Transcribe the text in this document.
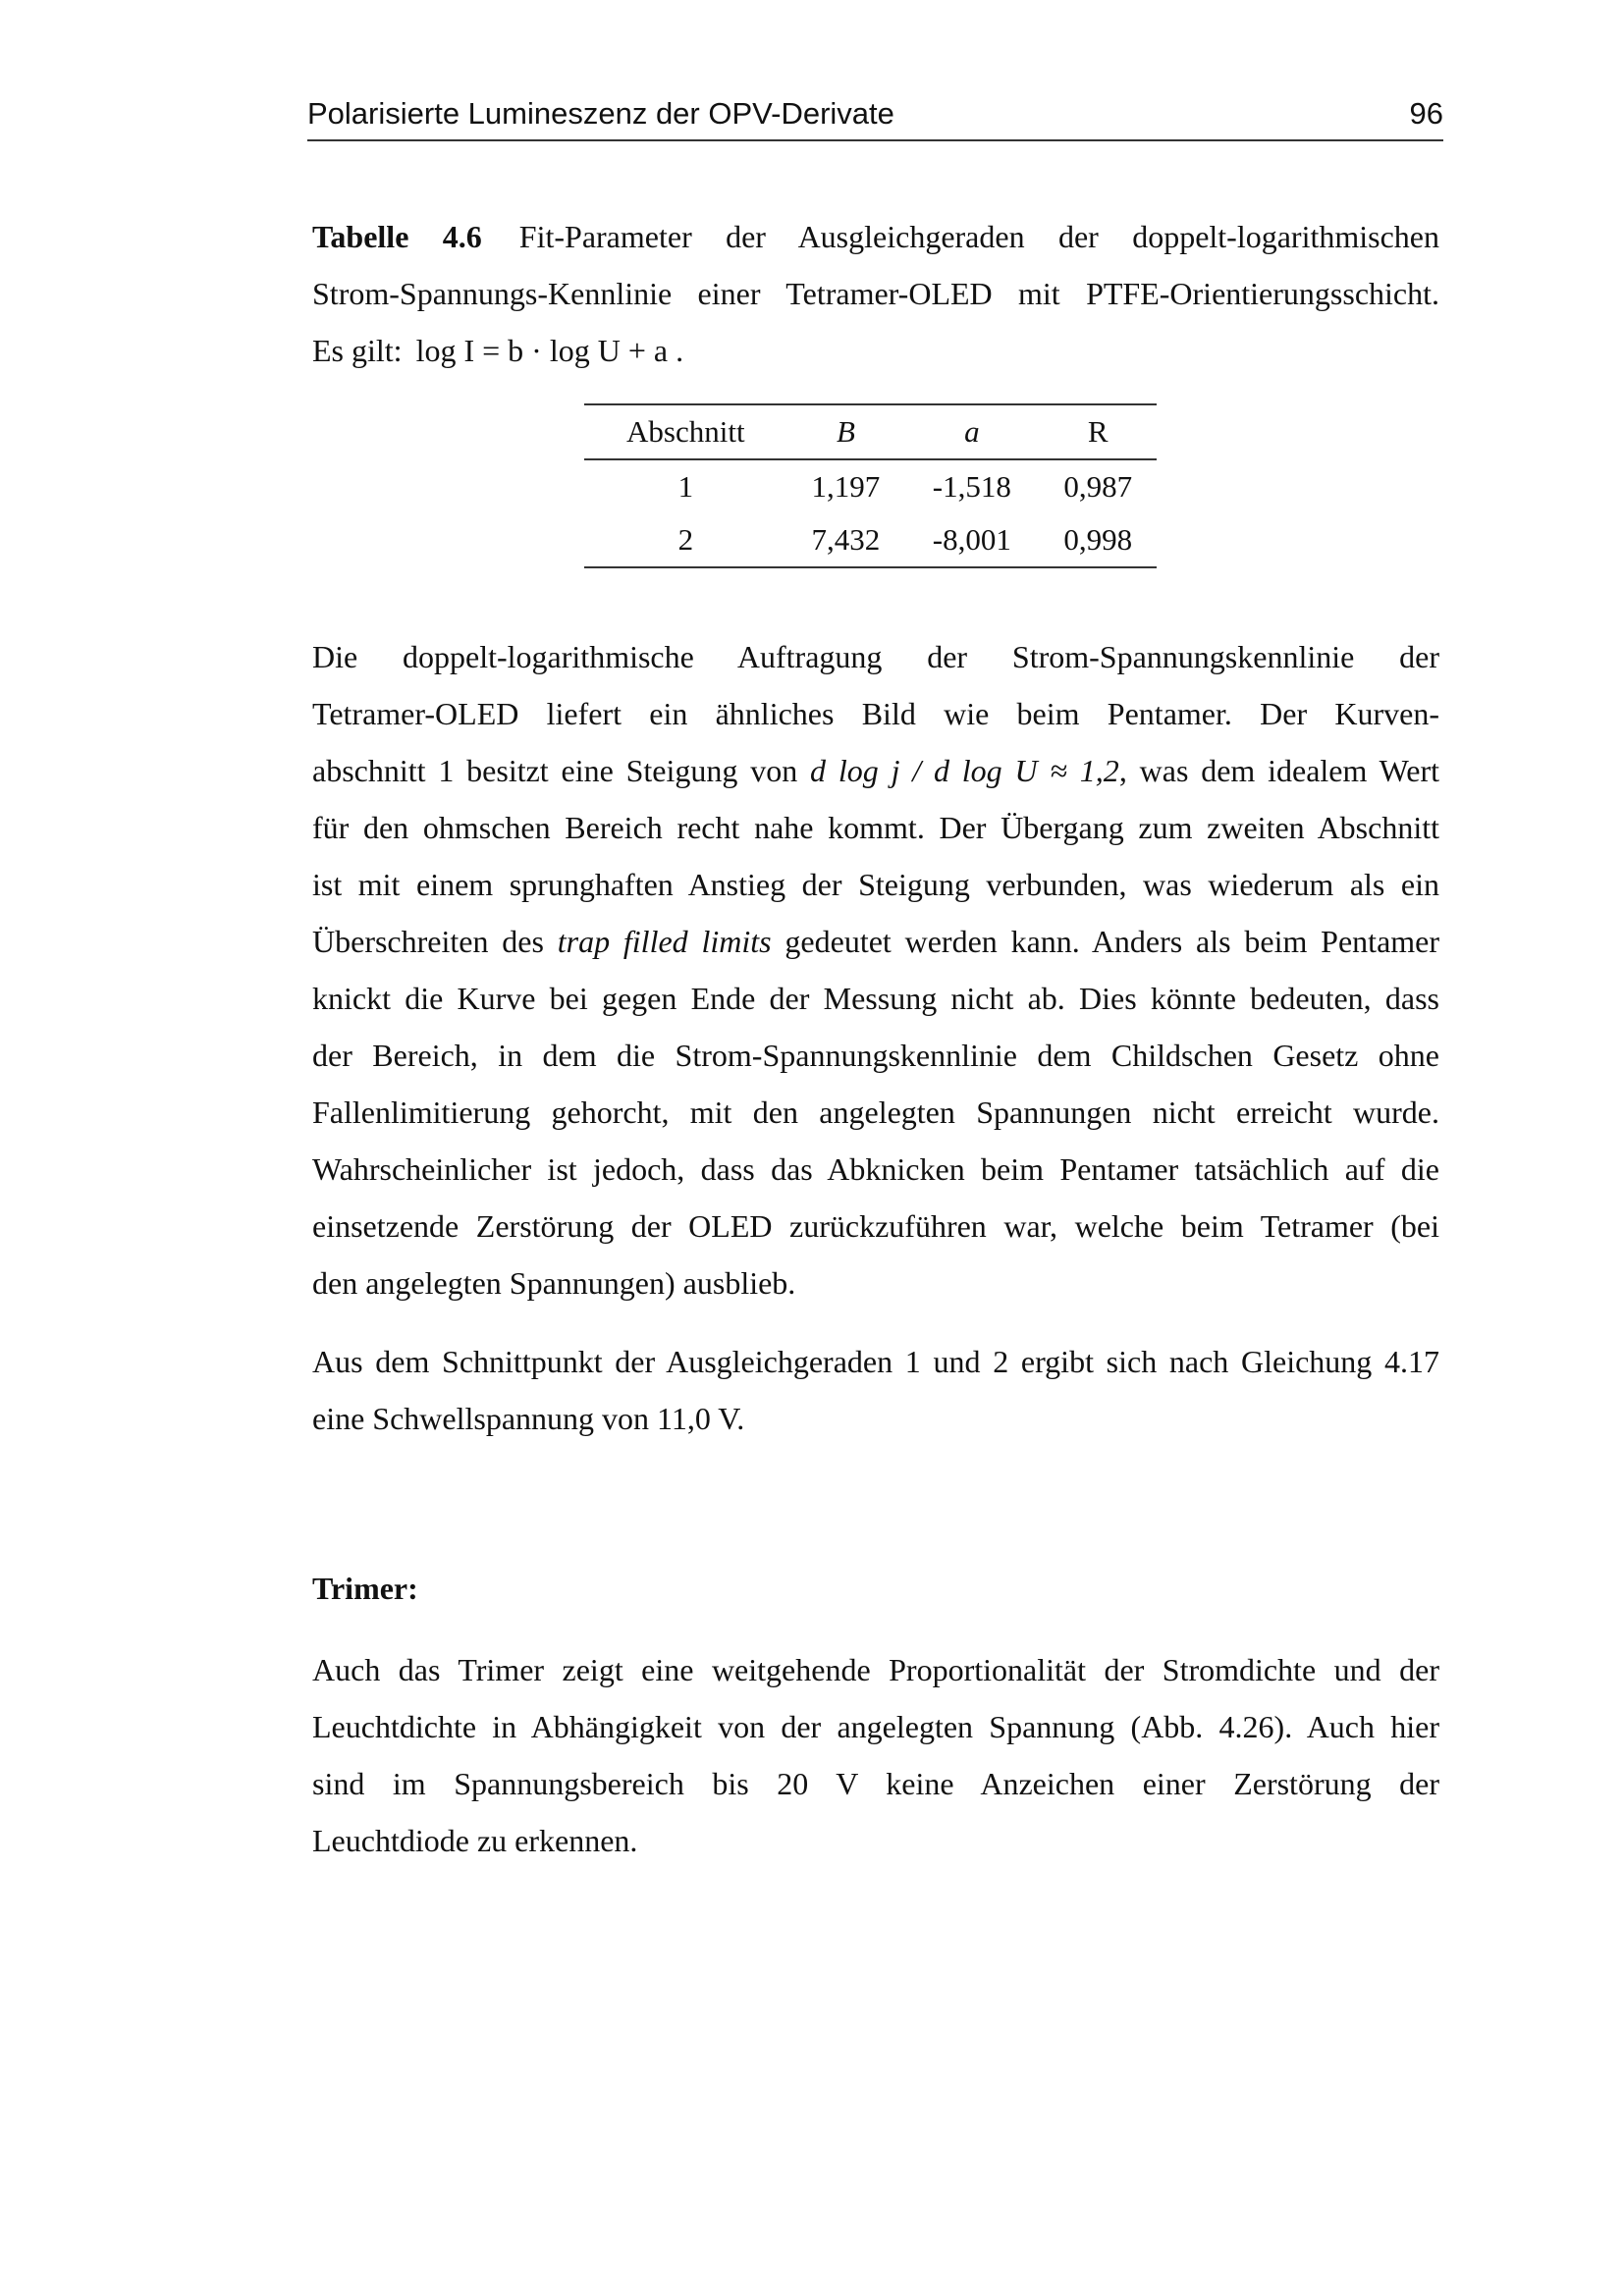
Polarisierte Lumineszenz der OPV-Derivate	96
Tabelle 4.6 Fit-Parameter der Ausgleichgeraden der doppelt-logarithmischen
Strom-Spannungs-Kennlinie einer Tetramer-OLED mit PTFE-Orientierungsschicht.
Es gilt: log I = b · log U + a .
Abschnitt	B	a	R
1	1,197	-1,518	0,987
2	7,432	-8,001	0,998
Die doppelt-logarithmische Auftragung der Strom-Spannungskennlinie der
Tetramer-OLED liefert ein ähnliches Bild wie beim Pentamer. Der Kurven-
abschnitt 1 besitzt eine Steigung von d log j / d log U ≈ 1,2, was dem idealem Wert
für den ohmschen Bereich recht nahe kommt. Der Übergang zum zweiten Abschnitt
ist mit einem sprunghaften Anstieg der Steigung verbunden, was wiederum als ein
Überschreiten des trap filled limits gedeutet werden kann. Anders als beim Pentamer
knickt die Kurve bei gegen Ende der Messung nicht ab. Dies könnte bedeuten, dass
der Bereich, in dem die Strom-Spannungskennlinie dem Childschen Gesetz ohne
Fallenlimitierung gehorcht, mit den angelegten Spannungen nicht erreicht wurde.
Wahrscheinlicher ist jedoch, dass das Abknicken beim Pentamer tatsächlich auf die
einsetzende Zerstörung der OLED zurückzuführen war, welche beim Tetramer (bei
den angelegten Spannungen) ausblieb.
Aus dem Schnittpunkt der Ausgleichgeraden 1 und 2 ergibt sich nach Gleichung 4.17
eine Schwellspannung von 11,0 V.
Trimer:
Auch das Trimer zeigt eine weitgehende Proportionalität der Stromdichte und der
Leuchtdichte in Abhängigkeit von der angelegten Spannung (Abb. 4.26). Auch hier
sind im Spannungsbereich bis 20 V keine Anzeichen einer Zerstörung der
Leuchtdiode zu erkennen.
